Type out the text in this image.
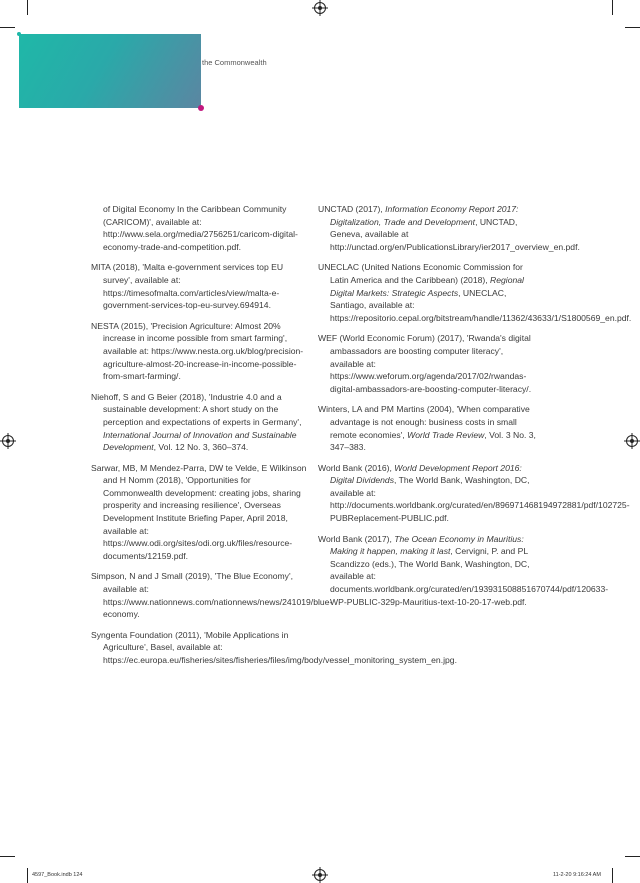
the Commonwealth

of Digital Economy In the Caribbean Community (CARICOM)', available at: http://www.sela.org/media/2756251/caricom-digital-economy-trade-and-competition.pdf.

MITA (2018), 'Malta e-government services top EU survey', available at: https://timesofmalta.com/articles/view/malta-e-government-services-top-eu-survey.694914.

NESTA (2015), 'Precision Agriculture: Almost 20% increase in income possible from smart farming', available at: https://www.nesta.org.uk/blog/precision-agriculture-almost-20-increase-in-income-possible-from-smart-farming/.

Niehoff, S and G Beier (2018), 'Industrie 4.0 and a sustainable development: A short study on the perception and expectations of experts in Germany', International Journal of Innovation and Sustainable Development, Vol. 12 No. 3, 360–374.

Sarwar, MB, M Mendez-Parra, DW te Velde, E Wilkinson and H Nomm (2018), 'Opportunities for Commonwealth development: creating jobs, sharing prosperity and increasing resilience', Overseas Development Institute Briefing Paper, April 2018, available at: https://www.odi.org/sites/odi.org.uk/files/resource-documents/12159.pdf.

Simpson, N and J Small (2019), 'The Blue Economy', available at: https://www.nationnews.com/nationnews/news/241019/blue-economy.

Syngenta Foundation (2011), 'Mobile Applications in Agriculture', Basel, available at: https://ec.europa.eu/fisheries/sites/fisheries/files/img/body/vessel_monitoring_system_en.jpg.

UNCTAD (2017), Information Economy Report 2017: Digitalization, Trade and Development, UNCTAD, Geneva, available at http://unctad.org/en/PublicationsLibrary/ier2017_overview_en.pdf.

UNECLAC (United Nations Economic Commission for Latin America and the Caribbean) (2018), Regional Digital Markets: Strategic Aspects, UNECLAC, Santiago, available at: https://repositorio.cepal.org/bitstream/handle/11362/43633/1/S1800569_en.pdf.

WEF (World Economic Forum) (2017), 'Rwanda's digital ambassadors are boosting computer literacy', available at: https://www.weforum.org/agenda/2017/02/rwandas-digital-ambassadors-are-boosting-computer-literacy/.

Winters, LA and PM Martins (2004), 'When comparative advantage is not enough: business costs in small remote economies', World Trade Review, Vol. 3 No. 3, 347–383.

World Bank (2016), World Development Report 2016: Digital Dividends, The World Bank, Washington, DC, available at: http://documents.worldbank.org/curated/en/896971468194972881/pdf/102725-PUBReplacement-PUBLIC.pdf.

World Bank (2017), The Ocean Economy in Mauritius: Making it happen, making it last, Cervigni, P. and PL Scandizzo (eds.), The World Bank, Washington, DC, available at: documents.worldbank.org/curated/en/193931508851670744/pdf/120633-WP-PUBLIC-329p-Mauritius-text-10-20-17-web.pdf.

4597_Book.indb 124	11-2-20 9:16:24 AM
